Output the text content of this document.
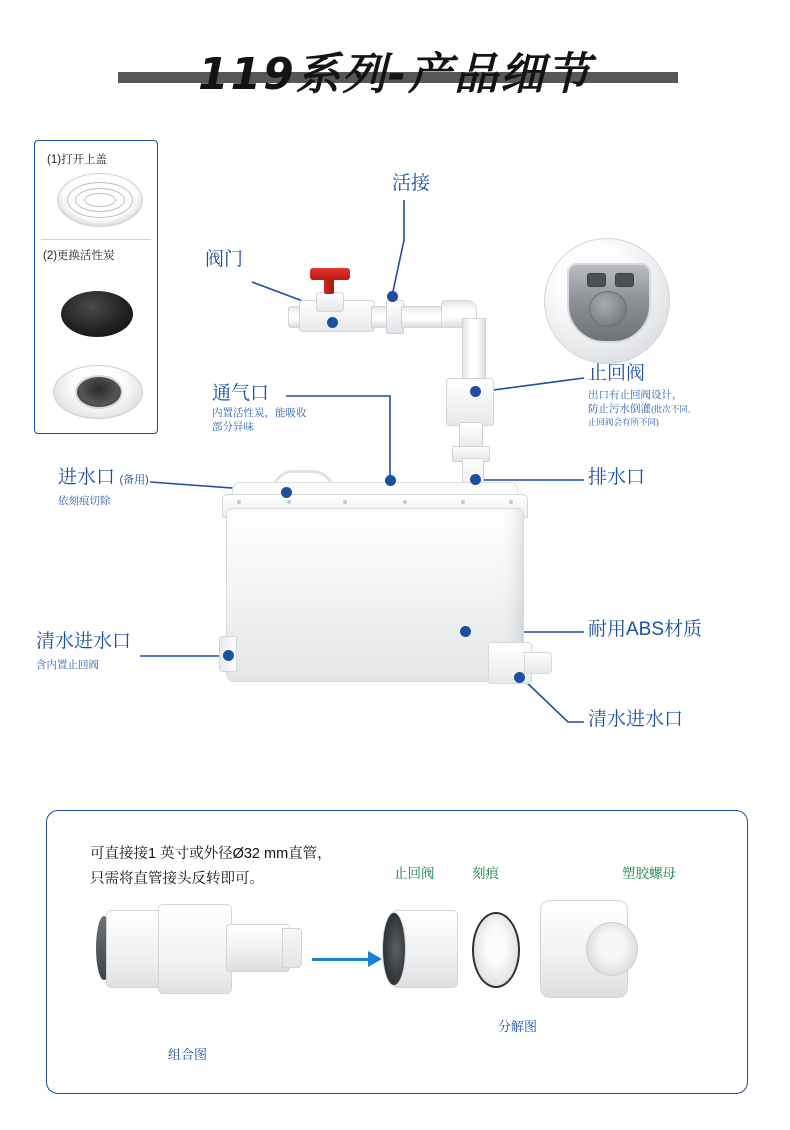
119系列-产品细节
(1)打开上盖
(2)更换活性炭
活接
阀门
通气口
内置活性炭，能吸收
部分异味
进水口 (备用)
依刻痕切除
清水进水口
含内置止回阀
止回阀
出口有止回阀设计，
防止污水倒灌(批次不同,
止回阀会有所不同)
排水口
耐用ABS材质
清水进水口
可直接接1 英寸或外径Ø32 mm直管，
只需将直管接头反转即可。
组合图
止回阀	刻痕	塑胶螺母
分解图
